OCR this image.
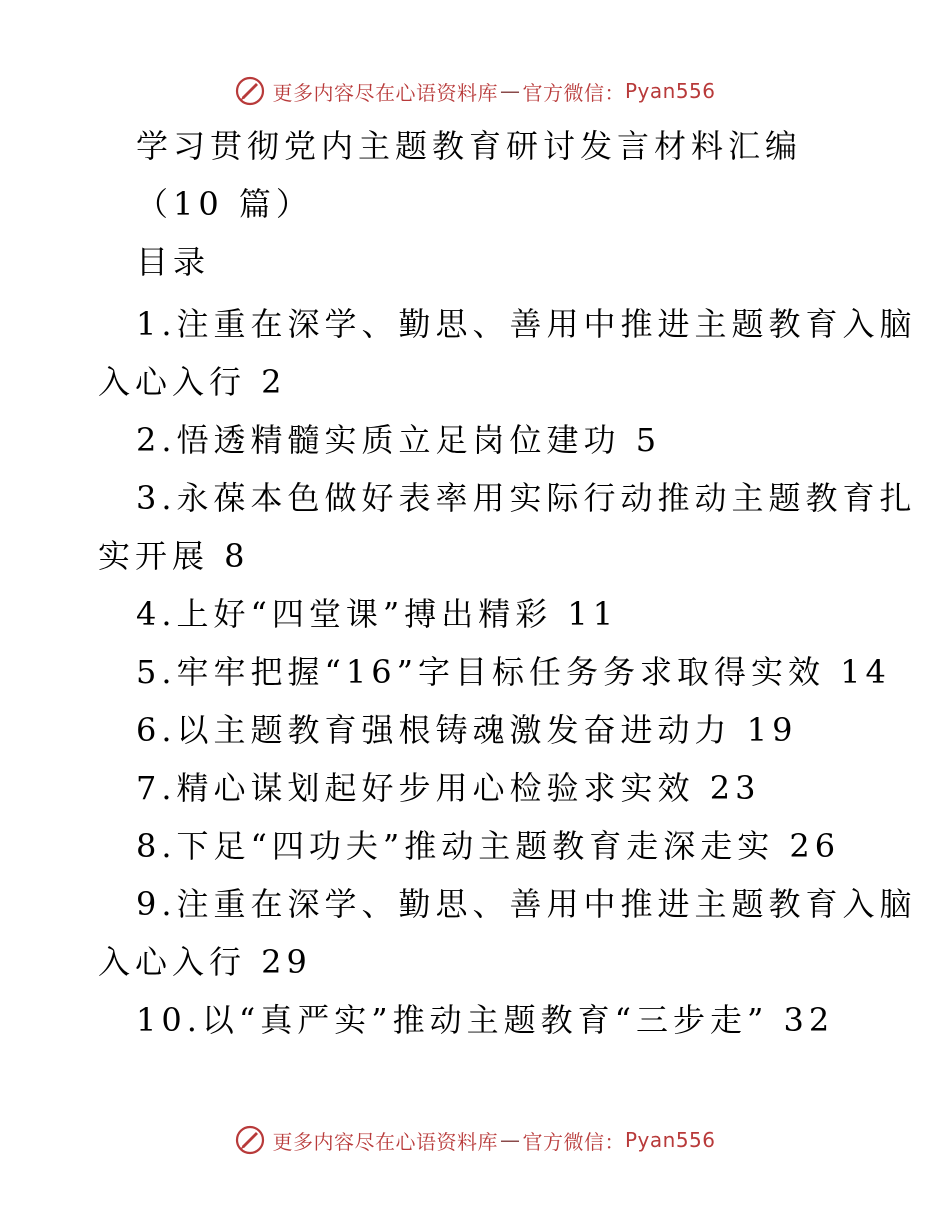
更多内容尽在心语资料库 — 官方微信： Pyan556
学习贯彻党内主题教育研讨发言材料汇编
（10 篇）
目录
1.注重在深学、勤思、善用中推进主题教育入脑
入心入行 2
2.悟透精髓实质立足岗位建功 5
3.永葆本色做好表率用实际行动推动主题教育扎
实开展 8
4.上好“四堂课”搏出精彩 11
5.牢牢把握“16”字目标任务务求取得实效 14
6.以主题教育强根铸魂激发奋进动力 19
7.精心谋划起好步用心检验求实效 23
8.下足“四功夫”推动主题教育走深走实 26
9.注重在深学、勤思、善用中推进主题教育入脑
入心入行 29
10.以“真严实”推动主题教育“三步走” 32
更多内容尽在心语资料库 — 官方微信： Pyan556
